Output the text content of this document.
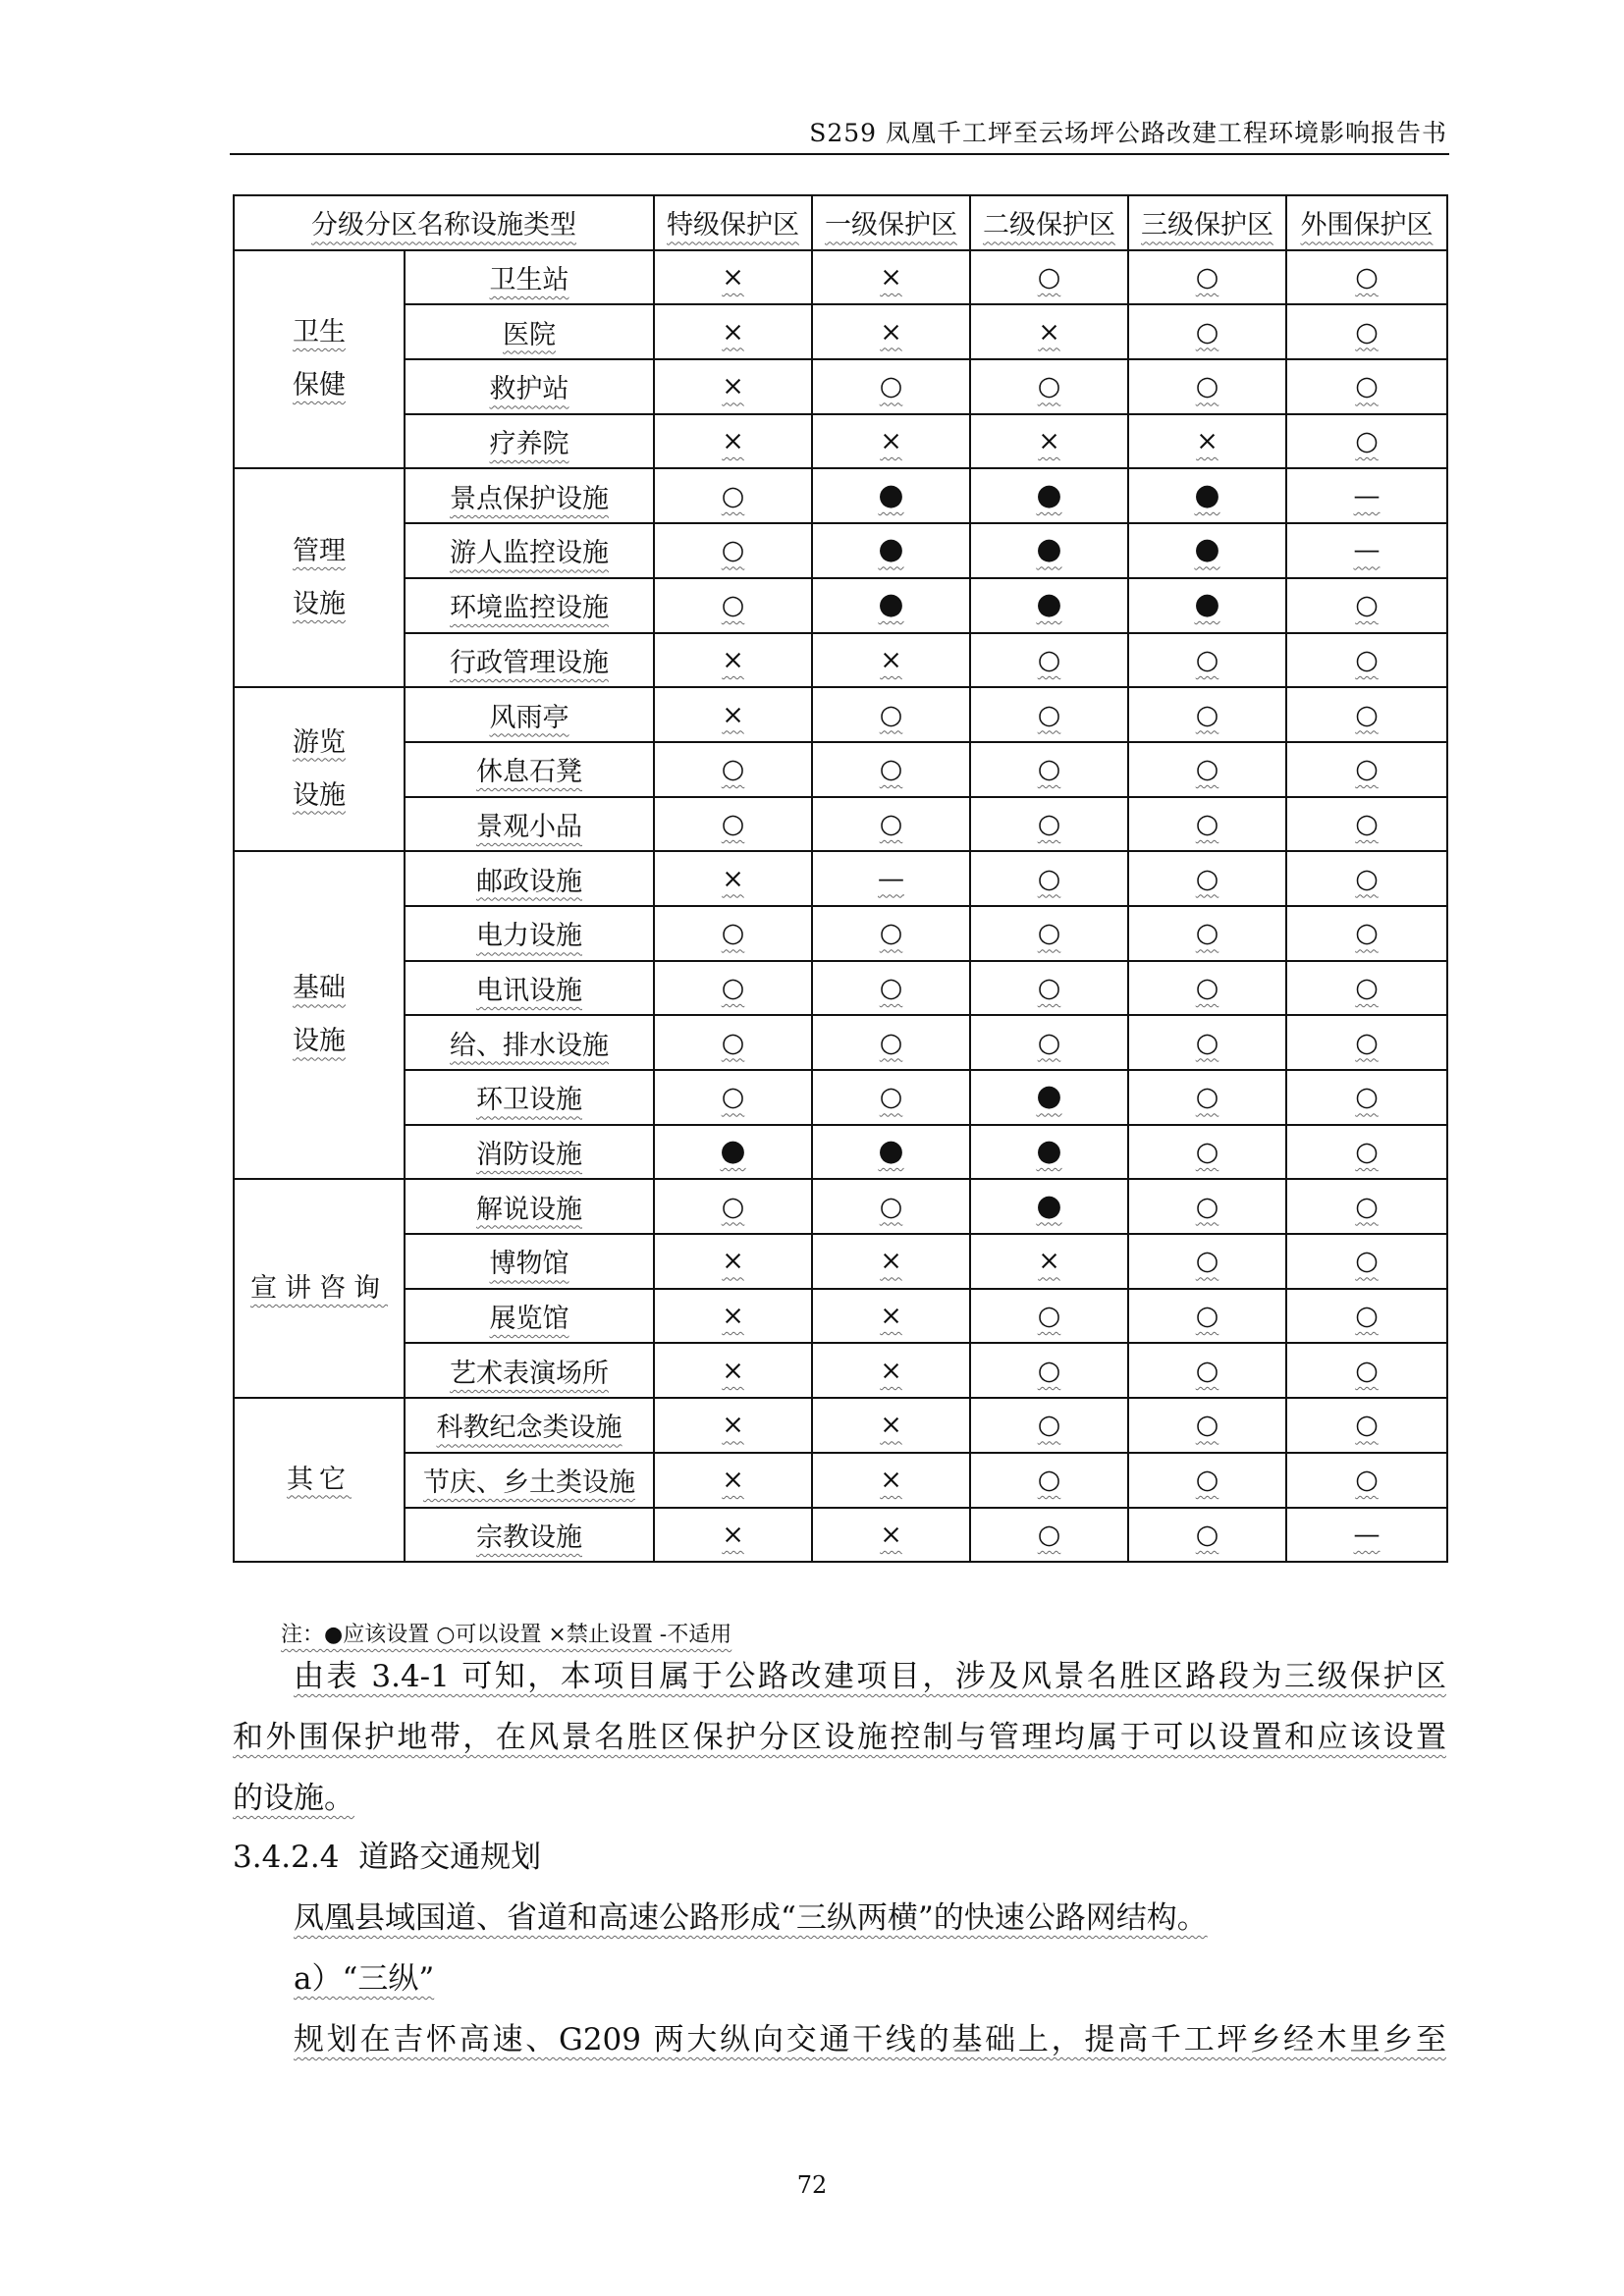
S259 凤凰千工坪至云场坪公路改建工程环境影响报告书
分级分区名称设施类型		特级保护区	一级保护区	二级保护区	三级保护区	外围保护区

卫生
保健	卫生站	×	×	○	○	○
	医院	×	×	×	○	○
	救护站	×	○	○	○	○
	疗养院	×	×	×	×	○

管理
设施	景点保护设施	○	●	●	●	—
	游人监控设施	○	●	●	●	—
	环境监控设施	○	●	●	●	○
	行政管理设施	×	×	○	○	○

游览
设施	风雨亭	×	○	○	○	○
	休息石凳	○	○	○	○	○
	景观小品	○	○	○	○	○

基础
设施	邮政设施	×	—	○	○	○
	电力设施	○	○	○	○	○
	电讯设施	○	○	○	○	○
	给、排水设施	○	○	○	○	○
	环卫设施	○	○	●	○	○
	消防设施	●	●	●	○	○

宣讲咨询	解说设施	○	○	●	○	○
	博物馆	×	×	×	○	○
	展览馆	×	×	○	○	○
	艺术表演场所	×	×	○	○	○

其它	科教纪念类设施	×	×	○	○	○
	节庆、乡土类设施	×	×	○	○	○
	宗教设施	×	×	○	○	—
注：●应该设置 ○可以设置 ×禁止设置 -不适用
由表 3.4-1 可知，本项目属于公路改建项目，涉及风景名胜区路段为三级保护区
和外围保护地带，在风景名胜区保护分区设施控制与管理均属于可以设置和应该设置
的设施。
3.4.2.4  道路交通规划
凤凰县域国道、省道和高速公路形成“三纵两横”的快速公路网结构。
a）“三纵”
规划在吉怀高速、G209 两大纵向交通干线的基础上，提高千工坪乡经木里乡至
72
